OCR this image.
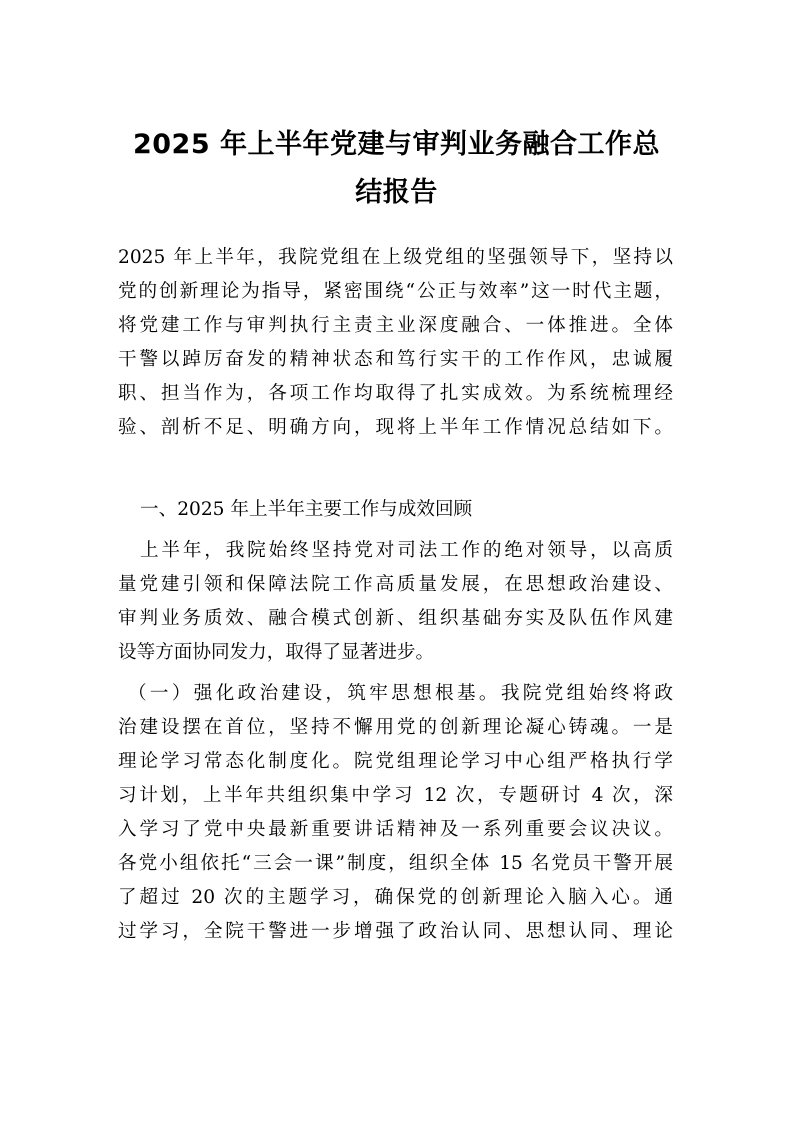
2025 年上半年党建与审判业务融合工作总
结报告
2025 年上半年，我院党组在上级党组的坚强领导下，坚持以
党的创新理论为指导，紧密围绕“公正与效率”这一时代主题，
将党建工作与审判执行主责主业深度融合、一体推进。全体
干警以踔厉奋发的精神状态和笃行实干的工作作风，忠诚履
职、担当作为，各项工作均取得了扎实成效。为系统梳理经
验、剖析不足、明确方向，现将上半年工作情况总结如下。
一、2025 年上半年主要工作与成效回顾
上半年，我院始终坚持党对司法工作的绝对领导，以高质
量党建引领和保障法院工作高质量发展，在思想政治建设、
审判业务质效、融合模式创新、组织基础夯实及队伍作风建
设等方面协同发力，取得了显著进步。
（一）强化政治建设，筑牢思想根基。我院党组始终将政
治建设摆在首位，坚持不懈用党的创新理论凝心铸魂。一是
理论学习常态化制度化。院党组理论学习中心组严格执行学
习计划，上半年共组织集中学习 12 次，专题研讨 4 次，深
入学习了党中央最新重要讲话精神及一系列重要会议决议。
各党小组依托“三会一课”制度，组织全体 15 名党员干警开展
了超过 20 次的主题学习，确保党的创新理论入脑入心。通
过学习，全院干警进一步增强了政治认同、思想认同、理论
